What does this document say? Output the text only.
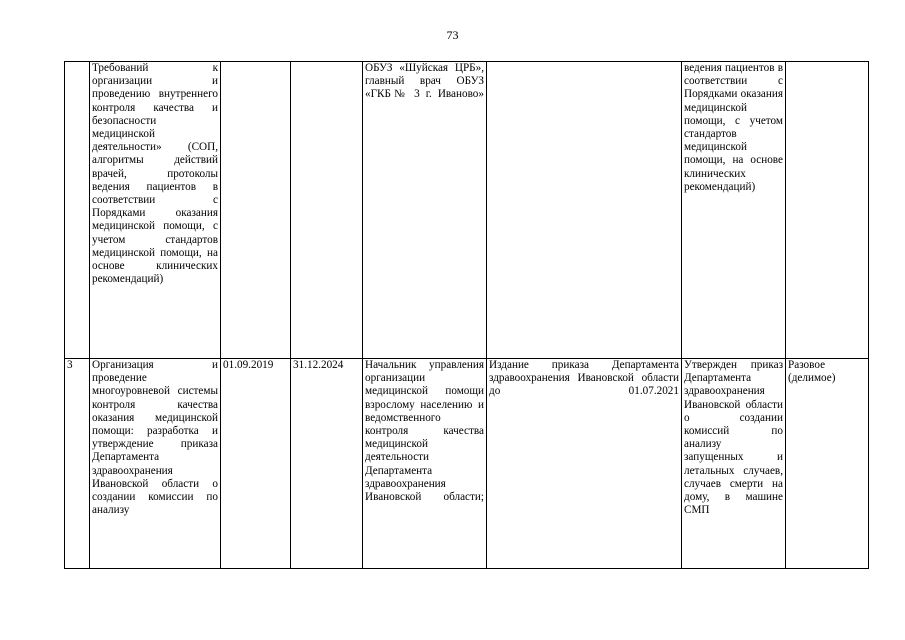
73
	Требований к организации и проведению внутреннего контроля качества и безопасности медицинской деятельности» (СОП, алгоритмы действий врачей, протоколы ведения пациентов в соответствии с Порядками оказания медицинской помощи, с учетом стандартов медицинской помощи, на основе клинических рекомендаций)			ОБУЗ «Шуйская ЦРБ», главный врач ОБУЗ «ГКБ№ 3 г. Иваново»		ведения пациентов в соответствии с Порядками оказания медицинской помощи, с учетом стандартов медицинской помощи, на основе клинических рекомендаций)	
3	Организация и проведение многоуровневой системы контроля качества оказания медицинской помощи: разработка и утверждение приказа Департамента здравоохранения Ивановской области о создании комиссии по анализу	01.09.2019	31.12.2024	Начальник управления организации медицинской помощи взрослому населению и ведомственного контроля качества медицинской деятельности Департамента здравоохранения Ивановской области;	Издание приказа Департамента здравоохранения Ивановской области до 01.07.2021	Утвержден приказ Департамента здравоохранения Ивановской области о создании комиссий по анализу запущенных и летальных случаев, случаев смерти на дому, в машине СМП	Разовое (делимое)
